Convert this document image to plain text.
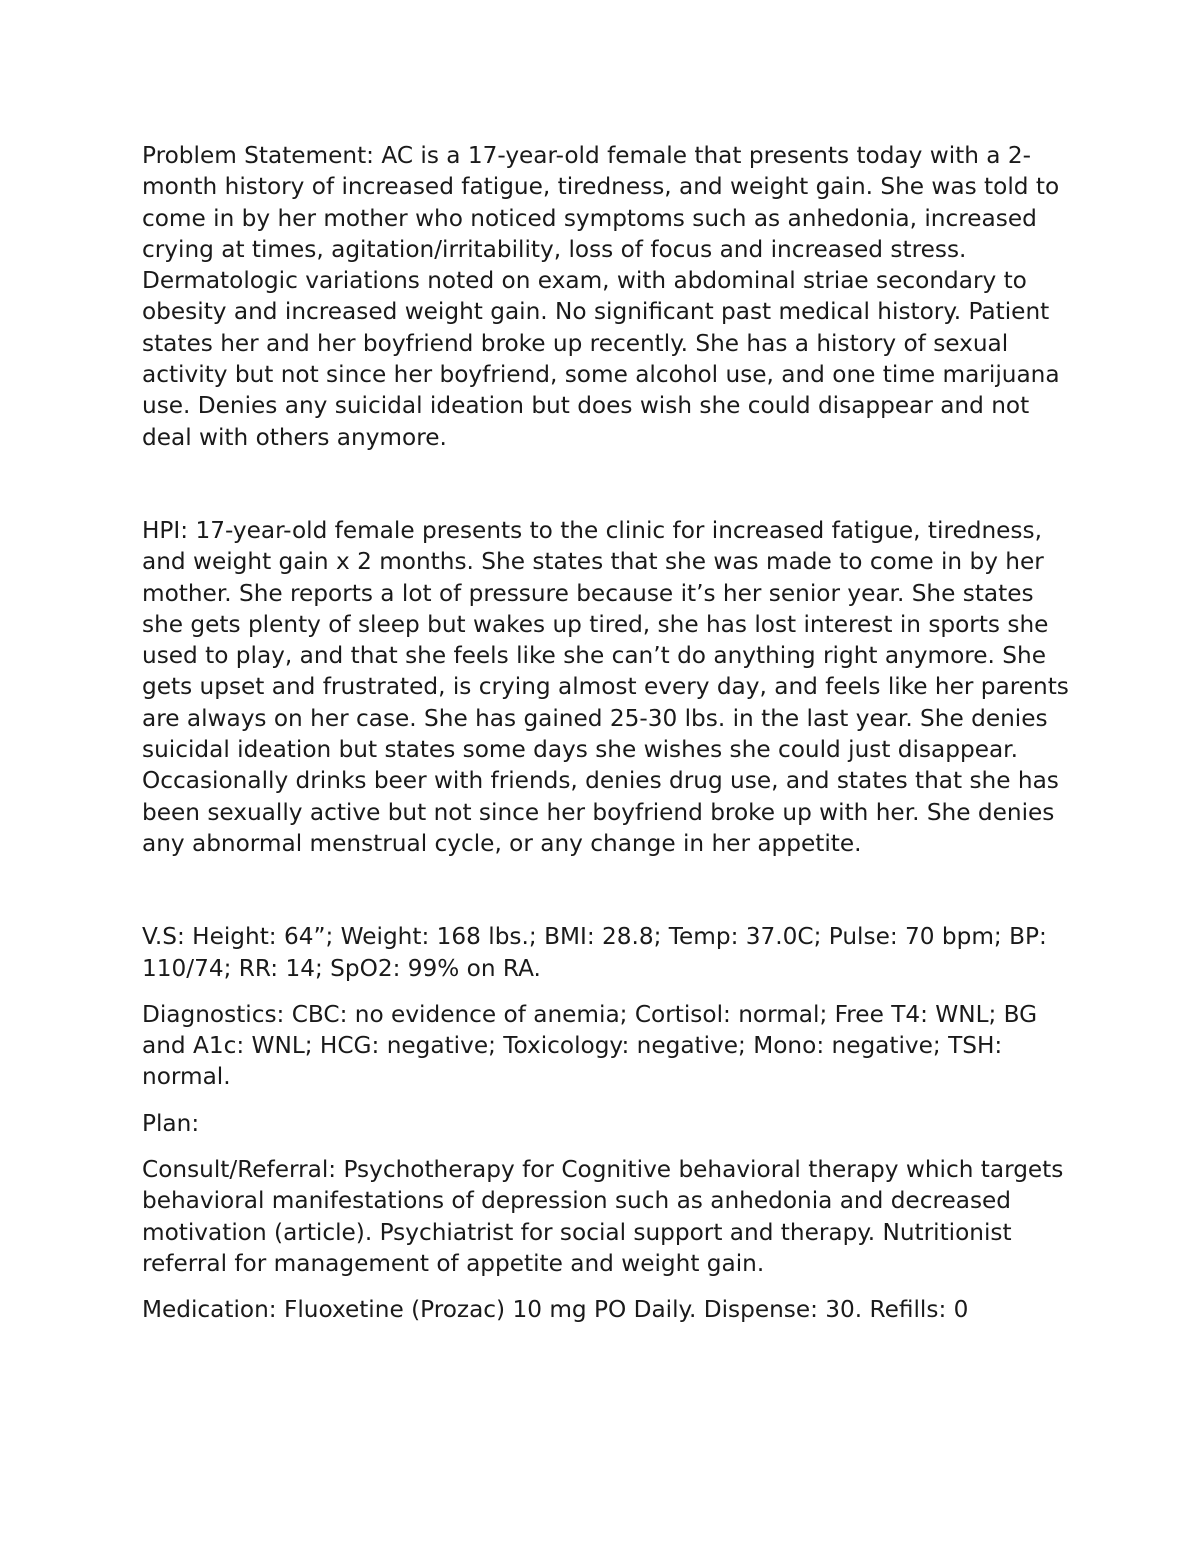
Problem Statement: AC is a 17-year-old female that presents today with a 2-month history of increased fatigue, tiredness, and weight gain. She was told to come in by her mother who noticed symptoms such as anhedonia, increased crying at times, agitation/irritability, loss of focus and increased stress. Dermatologic variations noted on exam, with abdominal striae secondary to obesity and increased weight gain. No significant past medical history. Patient states her and her boyfriend broke up recently. She has a history of sexual activity but not since her boyfriend, some alcohol use, and one time marijuana use. Denies any suicidal ideation but does wish she could disappear and not deal with others anymore.

HPI: 17-year-old female presents to the clinic for increased fatigue, tiredness, and weight gain x 2 months. She states that she was made to come in by her mother. She reports a lot of pressure because it’s her senior year. She states she gets plenty of sleep but wakes up tired, she has lost interest in sports she used to play, and that she feels like she can’t do anything right anymore. She gets upset and frustrated, is crying almost every day, and feels like her parents are always on her case. She has gained 25-30 lbs. in the last year. She denies suicidal ideation but states some days she wishes she could just disappear. Occasionally drinks beer with friends, denies drug use, and states that she has been sexually active but not since her boyfriend broke up with her. She denies any abnormal menstrual cycle, or any change in her appetite.

V.S: Height: 64”; Weight: 168 lbs.; BMI: 28.8; Temp: 37.0C; Pulse: 70 bpm; BP: 110/74; RR: 14; SpO2: 99% on RA.

Diagnostics: CBC: no evidence of anemia; Cortisol: normal; Free T4: WNL; BG and A1c: WNL; HCG: negative; Toxicology: negative; Mono: negative; TSH: normal.

Plan:

Consult/Referral: Psychotherapy for Cognitive behavioral therapy which targets behavioral manifestations of depression such as anhedonia and decreased motivation (article). Psychiatrist for social support and therapy. Nutritionist referral for management of appetite and weight gain.

Medication: Fluoxetine (Prozac) 10 mg PO Daily. Dispense: 30. Refills: 0
